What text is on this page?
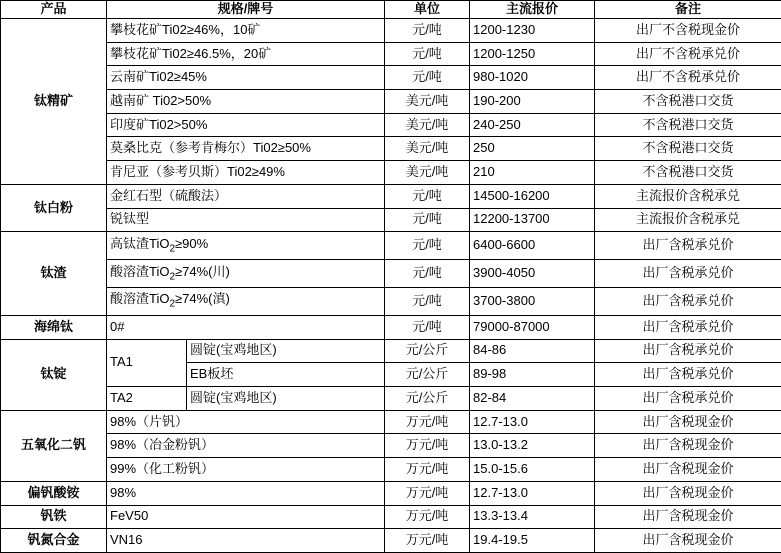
产品	规格/牌号		单位	主流报价	备注
钛精矿	攀枝花矿Ti02≥46%，10矿		元/吨	1200-1230	出厂不含税现金价
	攀枝花矿Ti02≥46.5%，20矿		元/吨	1200-1250	出厂不含税承兑价
	云南矿Ti02≥45%		元/吨	980-1020	出厂不含税承兑价
	越南矿 Ti02>50%		美元/吨	190-200	不含税港口交货
	印度矿Ti02>50%		美元/吨	240-250	不含税港口交货
	莫桑比克（参考肯梅尔）Ti02≥50%		美元/吨	250	不含税港口交货
	肯尼亚（参考贝斯）Ti02≥49%		美元/吨	210	不含税港口交货
钛白粉	金红石型（硫酸法）		元/吨	14500-16200	主流报价含税承兑
	锐钛型		元/吨	12200-13700	主流报价含税承兑
钛渣	高钛渣TiO$_2$≥90%		元/吨	6400-6600	出厂含税承兑价
	酸溶渣TiO$_2$≥74%(川)		元/吨	3900-4050	出厂含税承兑价
	酸溶渣TiO$_2$≥74%(滇)		元/吨	3700-3800	出厂含税承兑价
海绵钛	0#		元/吨	79000-87000	出厂含税承兑价
钛锭	TA1	圆锭(宝鸡地区)	元/公斤	84-86	出厂含税承兑价
		EB板坯	元/公斤	89-98	出厂含税承兑价
	TA2	圆锭(宝鸡地区)	元/公斤	82-84	出厂含税承兑价
五氧化二钒	98%（片钒）		万元/吨	12.7-13.0	出厂含税现金价
	98%（冶金粉钒）		万元/吨	13.0-13.2	出厂含税现金价
	99%（化工粉钒）		万元/吨	15.0-15.6	出厂含税现金价
偏钒酸铵	98%		万元/吨	12.7-13.0	出厂含税现金价
钒铁	FeV50		万元/吨	13.3-13.4	出厂含税现金价
钒氮合金	VN16		万元/吨	19.4-19.5	出厂含税现金价
